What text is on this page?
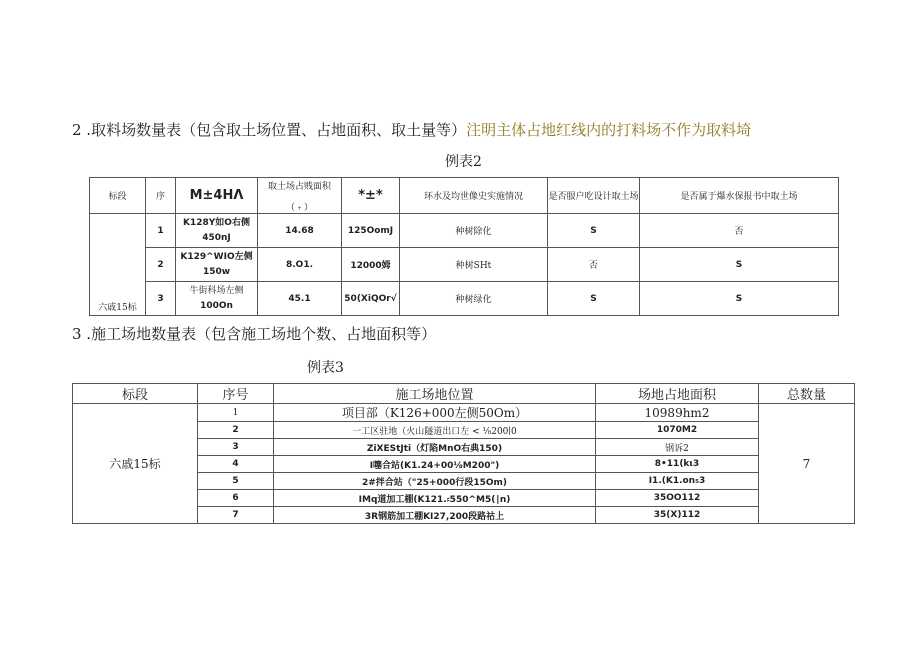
2 .取料场数量表（包含取土场位置、占地面积、取土量等）注明主体占地红线内的打料场不作为取料埼
例表2
标段	序	M±4HΛ	取土场占贱面积
（﹢）	*±*	环水及均世像史实施情况	是否服户吃设计取土场	是否属于爆水保报书中取土场
六戚15标	1	K128Y如O右侧
450nJ	14.68	125OomJ	种树除化	S	否
	2	K129^WIO左侧
150w	8.O1.	12000姆	种树SHt	否	S
	3	牛街科场左侧
100On	45.1	50(XiQOr√	种树绿化	S	S
3 .施工场地数量表（包含施工场地个数、占地面积等）
例表3
标段	序号	施工场地位置	场地占地面积	总数量
六戚15标	1	项目部（K126+000左侧50Om）	10989hm2	7
	2	一工区驻地（火山隧道出口左 < ⅛200∣0	1070M2	
	3	ZiXEStJti（灯陷MnO右典150)	钢诉2	
	4	I噻合站(K1.24+00⅛M200")	8•11(kι3	
	5	2#拌合站（"25+000行段15Om)	I1.(K1.on₅3	
	6	IMq道加工棚(K121.⸗550^M5(∣n)	35OO112	
	7	3R钢筋加工棚KI27,200段路祜上	35(X)112	
